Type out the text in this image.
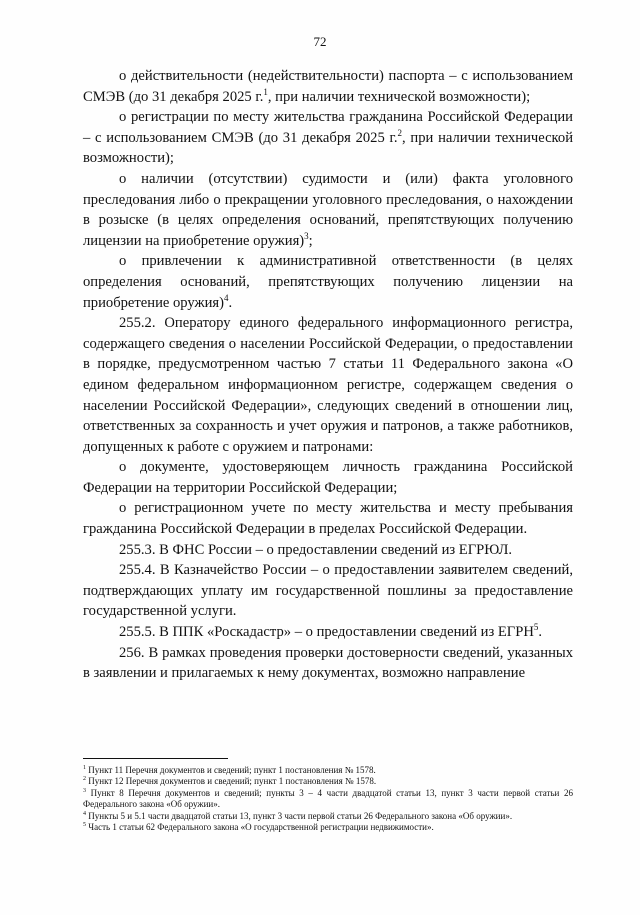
72

о действительности (недействительности) паспорта – с использованием СМЭВ (до 31 декабря 2025 г.$^1$, при наличии технической возможности);

о регистрации по месту жительства гражданина Российской Федерации – с использованием СМЭВ (до 31 декабря 2025 г.$^2$, при наличии технической возможности);

о наличии (отсутствии) судимости и (или) факта уголовного преследования либо о прекращении уголовного преследования, о нахождении в розыске (в целях определения оснований, препятствующих получению лицензии на приобретение оружия)$^3$;

о привлечении к административной ответственности (в целях определения оснований, препятствующих получению лицензии на приобретение оружия)$^4$.

255.2. Оператору единого федерального информационного регистра, содержащего сведения о населении Российской Федерации, о предоставлении в порядке, предусмотренном частью 7 статьи 11 Федерального закона «О едином федеральном информационном регистре, содержащем сведения о населении Российской Федерации», следующих сведений в отношении лиц, ответственных за сохранность и учет оружия и патронов, а также работников, допущенных к работе с оружием и патронами:

о документе, удостоверяющем личность гражданина Российской Федерации на территории Российской Федерации;

о регистрационном учете по месту жительства и месту пребывания гражданина Российской Федерации в пределах Российской Федерации.

255.3. В ФНС России – о предоставлении сведений из ЕГРЮЛ.

255.4. В Казначейство России – о предоставлении заявителем сведений, подтверждающих уплату им государственной пошлины за предоставление государственной услуги.

255.5. В ППК «Роскадастр» – о предоставлении сведений из ЕГРН$^5$.

256. В рамках проведения проверки достоверности сведений, указанных в заявлении и прилагаемых к нему документах, возможно направление

$^1$ Пункт 11 Перечня документов и сведений; пункт 1 постановления № 1578.

$^2$ Пункт 12 Перечня документов и сведений; пункт 1 постановления № 1578.

$^3$ Пункт 8 Перечня документов и сведений; пункты 3 – 4 части двадцатой статьи 13, пункт 3 части первой статьи 26 Федерального закона «Об оружии».

$^4$ Пункты 5 и 5.1 части двадцатой статьи 13, пункт 3 части первой статьи 26 Федерального закона «Об оружии».

$^5$ Часть 1 статьи 62 Федерального закона «О государственной регистрации недвижимости».
